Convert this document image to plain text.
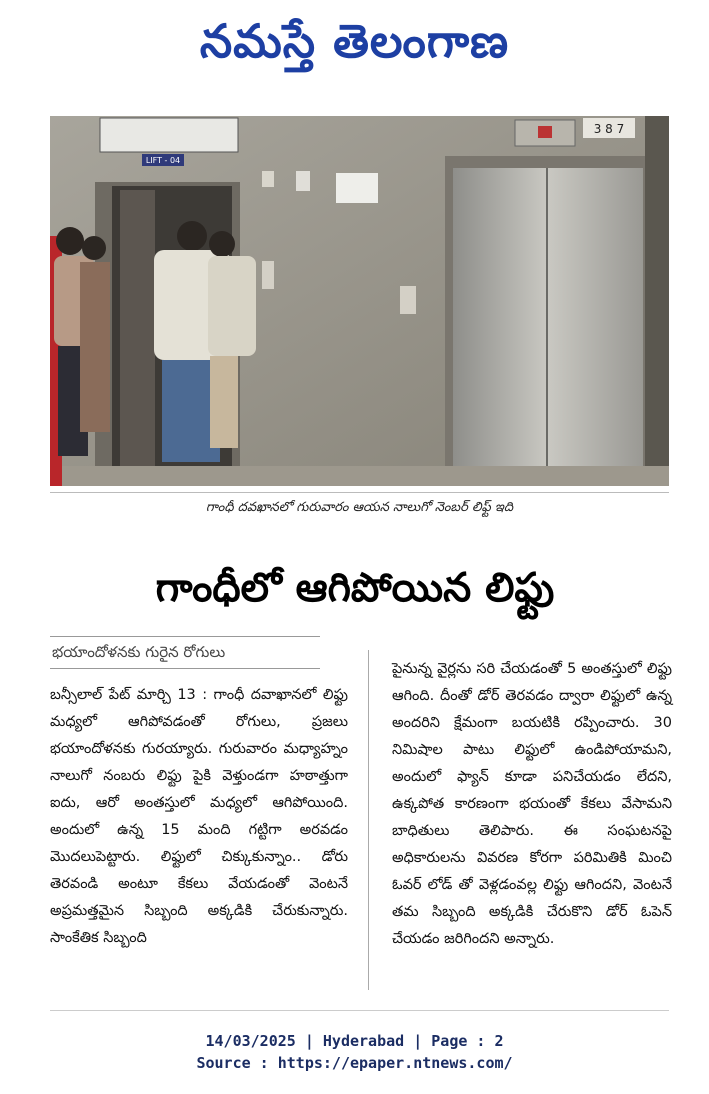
నమస్తే తెలంగాణ
LIFT - 04
3 8 7
గాంధీ దవఖానలో గురువారం ఆయన నాలుగో నెంబర్ లిఫ్ట్ ఇది
గాంధీలో ఆగిపోయిన లిఫ్టు
భయాందోళనకు గురైన రోగులు
బన్సీలాల్ పేట్ మార్చి 13 : గాంధీ దవాఖానలో లిఫ్టు మధ్యలో ఆగిపోవడంతో రోగులు, ప్రజలు భయాందోళనకు గురయ్యారు. గురువారం మధ్యాహ్నం నాలుగో నంబరు లిఫ్టు పైకి వెళ్తుండగా హఠాత్తుగా ఐదు, ఆరో అంతస్తులో మధ్యలో ఆగిపోయింది. అందులో ఉన్న 15 మంది గట్టిగా అరవడం మొదలుపెట్టారు. లిఫ్టులో చిక్కుకున్నాం.. డోరు తెరవండి అంటూ కేకలు వేయడంతో వెంటనే అప్రమత్తమైన సిబ్బంది అక్కడికి చేరుకున్నారు. సాంకేతిక సిబ్బంది
పైనున్న వైర్లను సరి చేయడంతో 5 అంతస్తులో లిఫ్టు ఆగింది. దీంతో డోర్ తెరవడం ద్వారా లిఫ్టులో ఉన్న అందరిని క్షేమంగా బయటికి రప్పించారు. 30 నిమిషాల పాటు లిఫ్టులో ఉండిపోయామని, అందులో ఫ్యాన్ కూడా పనిచేయడం లేదని, ఉక్కపోత కారణంగా భయంతో కేకలు వేసామని బాధితులు తెలిపారు. ఈ సంఘటనపై అధికారులను వివరణ కోరగా పరిమితికి మించి ఓవర్ లోడ్ తో వెళ్లడంవల్ల లిఫ్టు ఆగిందని, వెంటనే తమ సిబ్బంది అక్కడికి చేరుకొని డోర్ ఓపెన్ చేయడం జరిగిందని అన్నారు.
14/03/2025 | Hyderabad | Page : 2
Source : https://epaper.ntnews.com/
